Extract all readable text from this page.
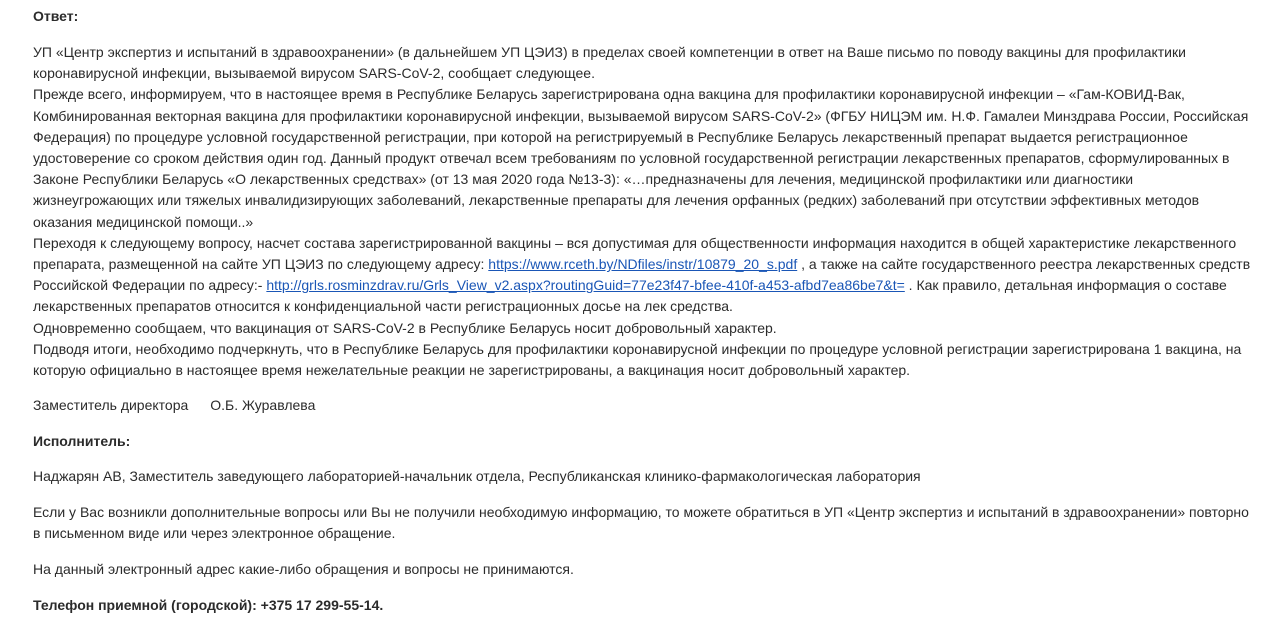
Ответ:
УП «Центр экспертиз и испытаний в здравоохранении» (в дальнейшем УП ЦЭИЗ) в пределах своей компетенции в ответ на Ваше письмо по поводу вакцины для профилактики коронавирусной инфекции, вызываемой вирусом SARS-CoV-2, сообщает следующее.
Прежде всего, информируем, что в настоящее время в Республике Беларусь зарегистрирована одна вакцина для профилактики коронавирусной инфекции – «Гам-КОВИД-Вак, Комбинированная векторная вакцина для профилактики коронавирусной инфекции, вызываемой вирусом SARS-CoV-2» (ФГБУ НИЦЭМ им. Н.Ф. Гамалеи Минздрава России, Российская Федерация) по процедуре условной государственной регистрации, при которой на регистрируемый в Республике Беларусь лекарственный препарат выдается регистрационное удостоверение со сроком действия один год. Данный продукт отвечал всем требованиям по условной государственной регистрации лекарственных препаратов, сформулированных в Законе Республики Беларусь «О лекарственных средствах» (от 13 мая 2020 года №13-3): «…предназначены для лечения, медицинской профилактики или диагностики жизнеугрожающих или тяжелых инвалидизирующих заболеваний, лекарственные препараты для лечения орфанных (редких) заболеваний при отсутствии эффективных методов оказания медицинской помощи..»
Переходя к следующему вопросу, насчет состава зарегистрированной вакцины – вся допустимая для общественности информация находится в общей характеристике лекарственного препарата, размещенной на сайте УП ЦЭИЗ по следующему адресу: https://www.rceth.by/NDfiles/instr/10879_20_s.pdf , а также на сайте государственного реестра лекарственных средств Российской Федерации по адресу:- http://grls.rosminzdrav.ru/Grls_View_v2.aspx?routingGuid=77e23f47-bfee-410f-a453-afbd7ea86be7&t= . Как правило, детальная информация о составе лекарственных препаратов относится к конфиденциальной части регистрационных досье на лек средства.
Одновременно сообщаем, что вакцинация от SARS-CoV-2 в Республике Беларусь носит добровольный характер.
Подводя итоги, необходимо подчеркнуть, что в Республике Беларусь для профилактики коронавирусной инфекции по процедуре условной регистрации зарегистрирована 1 вакцина, на которую официально в настоящее время нежелательные реакции не зарегистрированы, а вакцинация носит добровольный характер.
Заместитель директора О.Б. Журавлева
Исполнитель:
Наджарян АВ, Заместитель заведующего лабораторией-начальник отдела, Республиканская клинико-фармакологическая лаборатория
Если у Вас возникли дополнительные вопросы или Вы не получили необходимую информацию, то можете обратиться в УП «Центр экспертиз и испытаний в здравоохранении» повторно в письменном виде или через электронное обращение.
На данный электронный адрес какие-либо обращения и вопросы не принимаются.
Телефон приемной (городской): +375 17 299-55-14.
